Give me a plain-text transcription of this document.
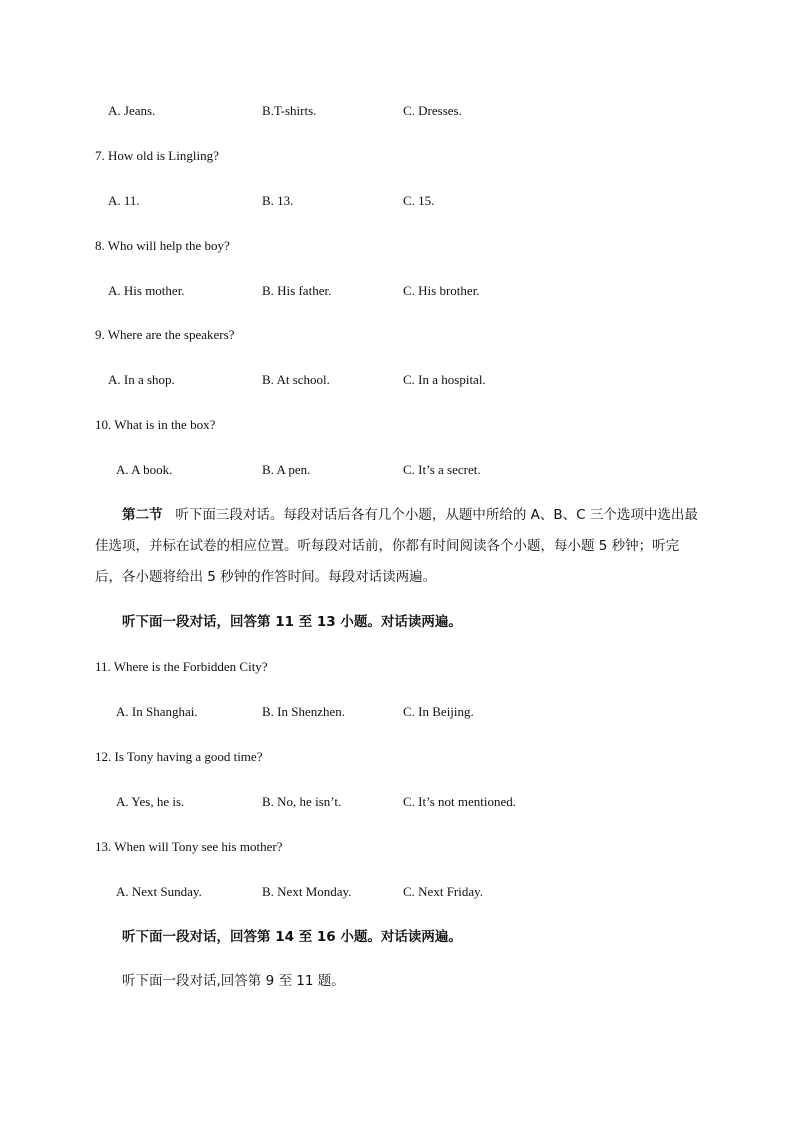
A. Jeans.	B.T-shirts.	C. Dresses.
7. How old is Lingling?
A. 11.	B. 13.	C. 15.
8. Who will help the boy?
A. His mother.	B. His father.	C. His brother.
9. Where are the speakers?
A. In a shop.	B. At school.	C. In a hospital.
10. What is in the box?
A. A book.	B. A pen.	C. It’s a secret.
第二节 听下面三段对话。每段对话后各有几个小题，从题中所给的 A、B、C 三个选项中选出最佳选项，并标在试卷的相应位置。听每段对话前，你都有时间阅读各个小题，每小题 5 秒钟；听完后，各小题将给出 5 秒钟的作答时间。每段对话读两遍。
听下面一段对话，回答第 11 至 13 小题。对话读两遍。
11. Where is the Forbidden City?
A. In Shanghai.	B. In Shenzhen.	C. In Beijing.
12. Is Tony having a good time?
A. Yes, he is.	B. No, he isn’t.	C. It’s not mentioned.
13. When will Tony see his mother?
A. Next Sunday.	B. Next Monday.	C. Next Friday.
听下面一段对话，回答第 14 至 16 小题。对话读两遍。
听下面一段对话,回答第 9 至 11 题。
